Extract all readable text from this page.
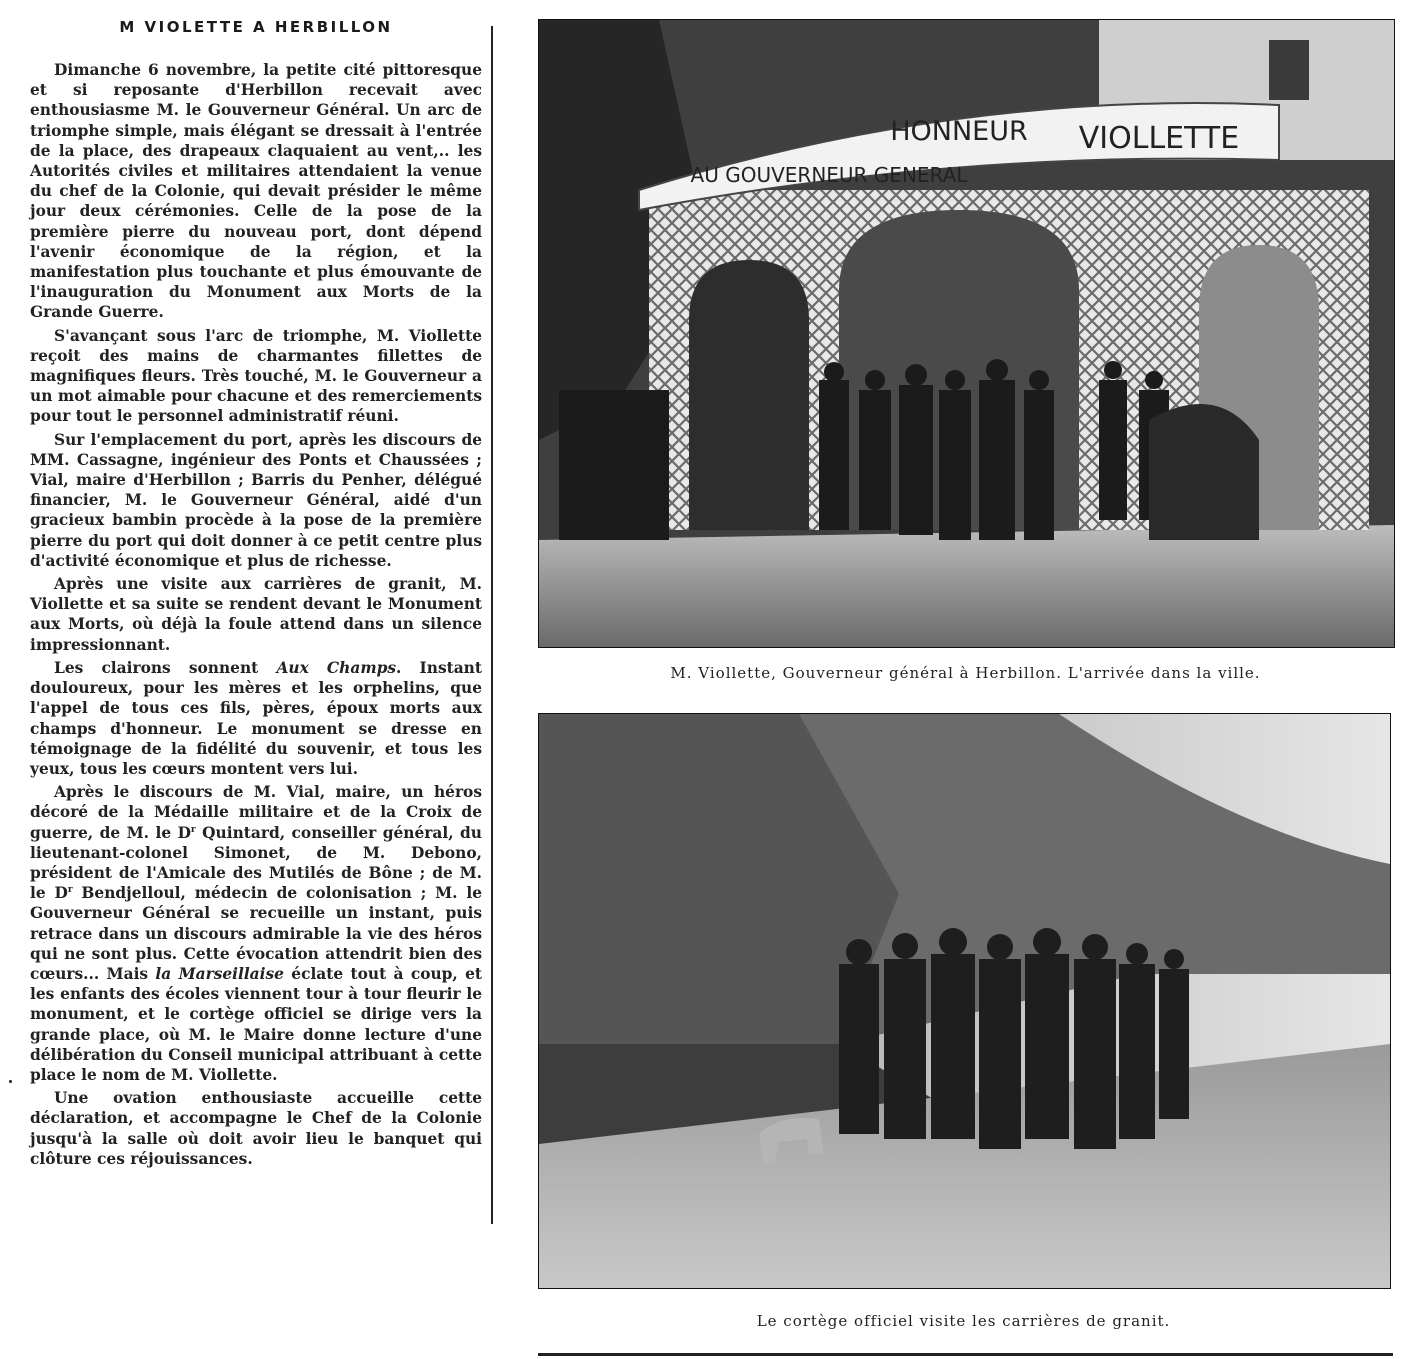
M VIOLETTE A HERBILLON

Dimanche 6 novembre, la petite cité pittoresque et si reposante d'Herbillon recevait avec enthousiasme M. le Gouverneur Général. Un arc de triomphe simple, mais élégant se dressait à l'entrée de la place, des drapeaux claquaient au vent,.. les Autorités civiles et militaires attendaient la venue du chef de la Colonie, qui devait présider le même jour deux cérémonies. Celle de la pose de la première pierre du nouveau port, dont dépend l'avenir économique de la région, et la manifestation plus touchante et plus émouvante de l'inauguration du Monument aux Morts de la Grande Guerre.

S'avançant sous l'arc de triomphe, M. Viollette reçoit des mains de charmantes fillettes de magnifiques fleurs. Très touché, M. le Gouverneur a un mot aimable pour chacune et des remerciements pour tout le personnel administratif réuni.

Sur l'emplacement du port, après les discours de MM. Cassagne, ingénieur des Ponts et Chaussées ; Vial, maire d'Herbillon ; Barris du Penher, délégué financier, M. le Gouverneur Général, aidé d'un gracieux bambin procède à la pose de la première pierre du port qui doit donner à ce petit centre plus d'activité économique et plus de richesse.

Après une visite aux carrières de granit, M. Viollette et sa suite se rendent devant le Monument aux Morts, où déjà la foule attend dans un silence impressionnant.

Les clairons sonnent Aux Champs. Instant douloureux, pour les mères et les orphelins, que l'appel de tous ces fils, pères, époux morts aux champs d'honneur. Le monument se dresse en témoignage de la fidélité du souvenir, et tous les yeux, tous les cœurs montent vers lui.

Après le discours de M. Vial, maire, un héros décoré de la Médaille militaire et de la Croix de guerre, de M. le $D^r$ Quintard, conseiller général, du lieutenant-colonel Simonet, de M. Debono, président de l'Amicale des Mutilés de Bône ; de M. le $D^r$ Bendjelloul, médecin de colonisation ; M. le Gouverneur Général se recueille un instant, puis retrace dans un discours admirable la vie des héros qui ne sont plus. Cette évocation attendrit bien des cœurs... Mais la Marseillaise éclate tout à coup, et les enfants des écoles viennent tour à tour fleurir le monument, et le cortège officiel se dirige vers la grande place, où M. le Maire donne lecture d'une délibération du Conseil municipal attribuant à cette place le nom de M. Viollette.

Une ovation enthousiaste accueille cette déclaration, et accompagne le Chef de la Colonie jusqu'à la salle où doit avoir lieu le banquet qui clôture ces réjouissances.

HONNEUR
AU GOUVERNEUR GENERAL
VIOLLETTE
M. Viollette, Gouverneur général à Herbillon. L'arrivée dans la ville.
Le cortège officiel visite les carrières de granit.
